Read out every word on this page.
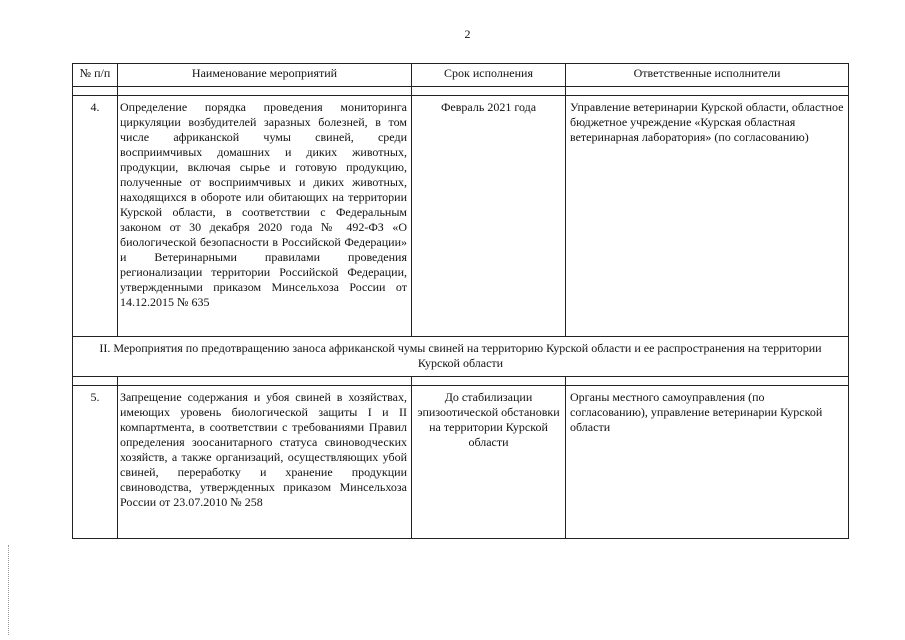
2
№ п/п	Наименование мероприятий	Срок исполнения	Ответственные исполнители

4.	Определение порядка проведения мониторинга циркуляции возбудителей заразных болезней, в том числе африканской чумы свиней, среди восприимчивых домашних и диких животных, продукции, включая сырье и готовую продукцию, полученные от восприимчивых и диких животных, находящихся в обороте или обитающих на территории Курской области, в соответствии с Федеральным законом от 30 декабря 2020 года № 492-ФЗ «О биологической безопасности в Российской Федерации» и Ветеринарными правилами проведения регионализации территории Российской Федерации, утвержденными приказом Минсельхоза России от 14.12.2015 № 635	Февраль 2021 года	Управление ветеринарии Курской области, областное бюджетное учреждение «Курская областная ветеринарная лаборатория» (по согласованию)
II. Мероприятия по предотвращению заноса африканской чумы свиней на территорию Курской области и ее распространения на территории Курской области			

5.	Запрещение содержания и убоя свиней в хозяйствах, имеющих уровень биологической защиты I и II компартмента, в соответствии с требованиями Правил определения зоосанитарного статуса свиноводческих хозяйств, а также организаций, осуществляющих убой свиней, переработку и хранение продукции свиноводства, утвержденных приказом Минсельхоза России от 23.07.2010 № 258	До стабилизации эпизоотической обстановки на территории Курской области	Органы местного самоуправления (по согласованию), управление ветеринарии Курской области
